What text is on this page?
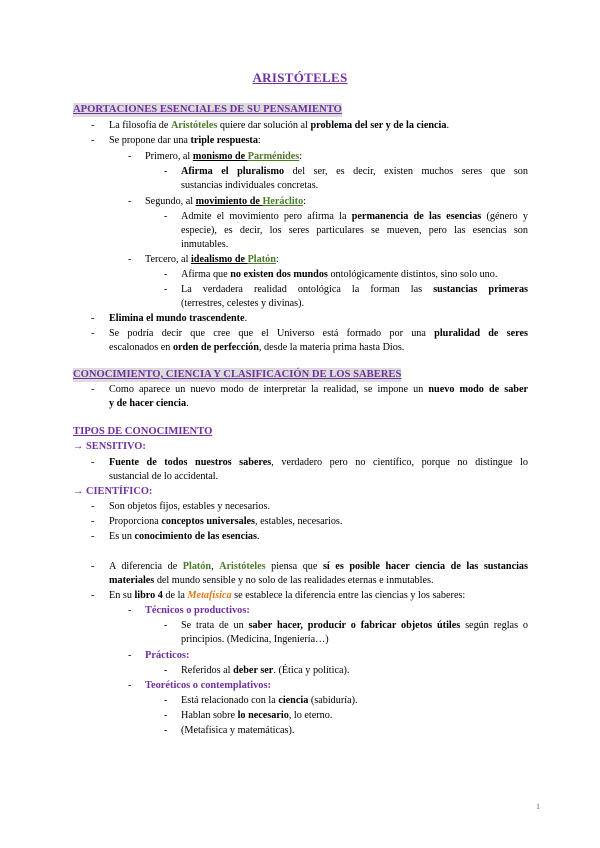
ARISTÓTELES
APORTACIONES ESENCIALES DE SU PENSAMIENTO
- La filosofía de Aristóteles quiere dar solución al problema del ser y de la ciencia.
- Se propone dar una triple respuesta:
- Primero, al monismo de Parménides:
- Afirma el pluralismo del ser, es decir, existen muchos seres que son
sustancias individuales concretas.
- Segundo, al movimiento de Heráclito:
- Admite el movimiento pero afirma la permanencia de las esencias (género y
especie), es decir, los seres particulares se mueven, pero las esencias son
inmutables.
- Tercero, al idealismo de Platón:
- Afirma que no existen dos mundos ontológicamente distintos, sino solo uno.
- La verdadera realidad ontológica la forman las sustancias primeras
(terrestres, celestes y divinas).
- Elimina el mundo trascendente.
- Se podría decir que cree que el Universo está formado por una pluralidad de seres
escalonados en orden de perfección, desde la materia prima hasta Dios.
CONOCIMIENTO, CIENCIA Y CLASIFICACIÓN DE LOS SABERES
- Como aparece un nuevo modo de interpretar la realidad, se impone un nuevo modo de saber
y de hacer ciencia.
TIPOS DE CONOCIMIENTO
→ SENSITIVO:
- Fuente de todos nuestros saberes, verdadero pero no científico, porque no distingue lo
sustancial de lo accidental.
→ CIENTÍFICO:
- Son objetos fijos, estables y necesarios.
- Proporciona conceptos universales, estables, necesarios.
- Es un conocimiento de las esencias.
- A diferencia de Platón, Aristóteles piensa que sí es posible hacer ciencia de las sustancias
materiales del mundo sensible y no solo de las realidades eternas e inmutables.
- En su libro 4 de la Metafísica se establece la diferencia entre las ciencias y los saberes:
- Técnicos o productivos:
- Se trata de un saber hacer, producir o fabricar objetos útiles según reglas o
principios. (Medicina, Ingeniería…)
- Prácticos:
- Referidos al deber ser. (Ética y política).
- Teoréticos o contemplativos:
- Está relacionado con la ciencia (sabiduría).
- Hablan sobre lo necesario, lo eterno.
- (Metafísica y matemáticas).
1
